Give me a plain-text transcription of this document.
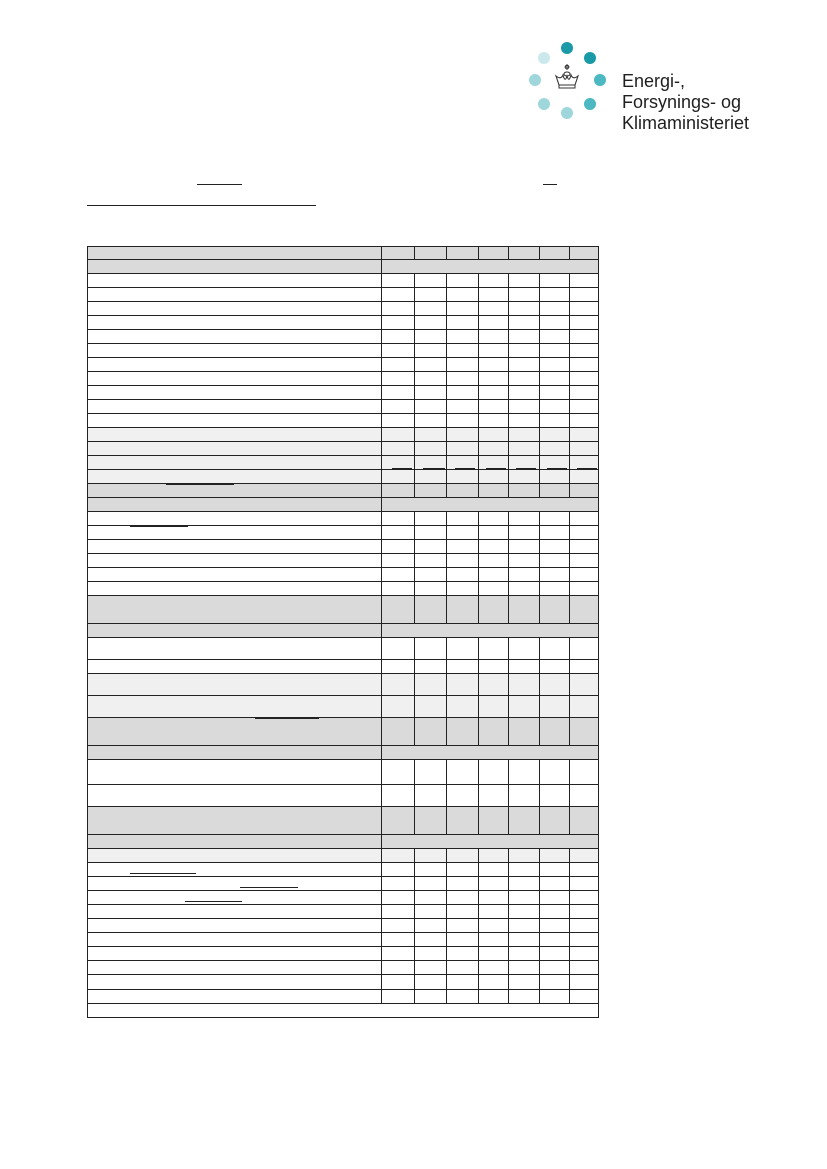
Energi-,
Forsynings- og
Klimaministeriet
